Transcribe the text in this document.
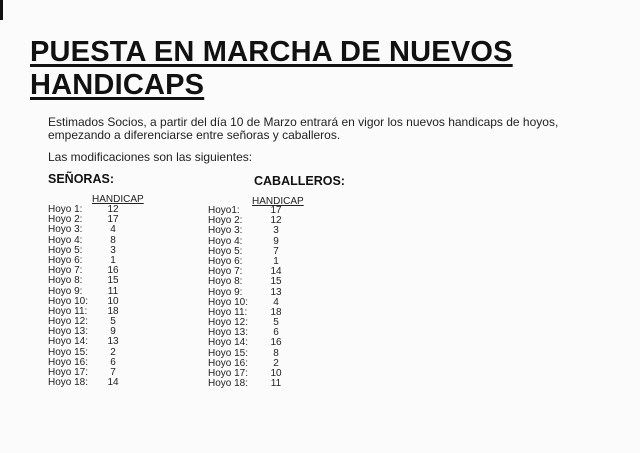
PUESTA EN MARCHA DE NUEVOS
HANDICAPS

Estimados Socios, a partir del día 10 de Marzo entrará en vigor los nuevos handicaps de hoyos, empezando a diferenciarse entre señoras y caballeros.

Las modificaciones son las siguientes:

SEÑORAS:	CABALLEROS:
HANDICAP	HANDICAP
Hoyo 1: 12
Hoyo 2: 17
Hoyo 3:	4
Hoyo 4:	8
Hoyo 5:	3
Hoyo 6:	1
Hoyo 7: 16
Hoyo 8: 15
Hoyo 9:	11
Hoyo 10: 10
Hoyo 11: 18
Hoyo 12:	5
Hoyo 13:	9
Hoyo 14: 13
Hoyo 15:	2
Hoyo 16:	6
Hoyo 17:	7
Hoyo 18: 14
Hoyo1:	17
Hoyo 2:	12
Hoyo 3:	3
Hoyo 4:	9
Hoyo 5:	7
Hoyo 6:	1
Hoyo 7:	14
Hoyo 8:	15
Hoyo 9:	13
Hoyo 10:	4
Hoyo 11: 18
Hoyo 12:	5
Hoyo 13:	6
Hoyo 14: 16
Hoyo 15:	8
Hoyo 16:	2
Hoyo 17: 10
Hoyo 18: 11
